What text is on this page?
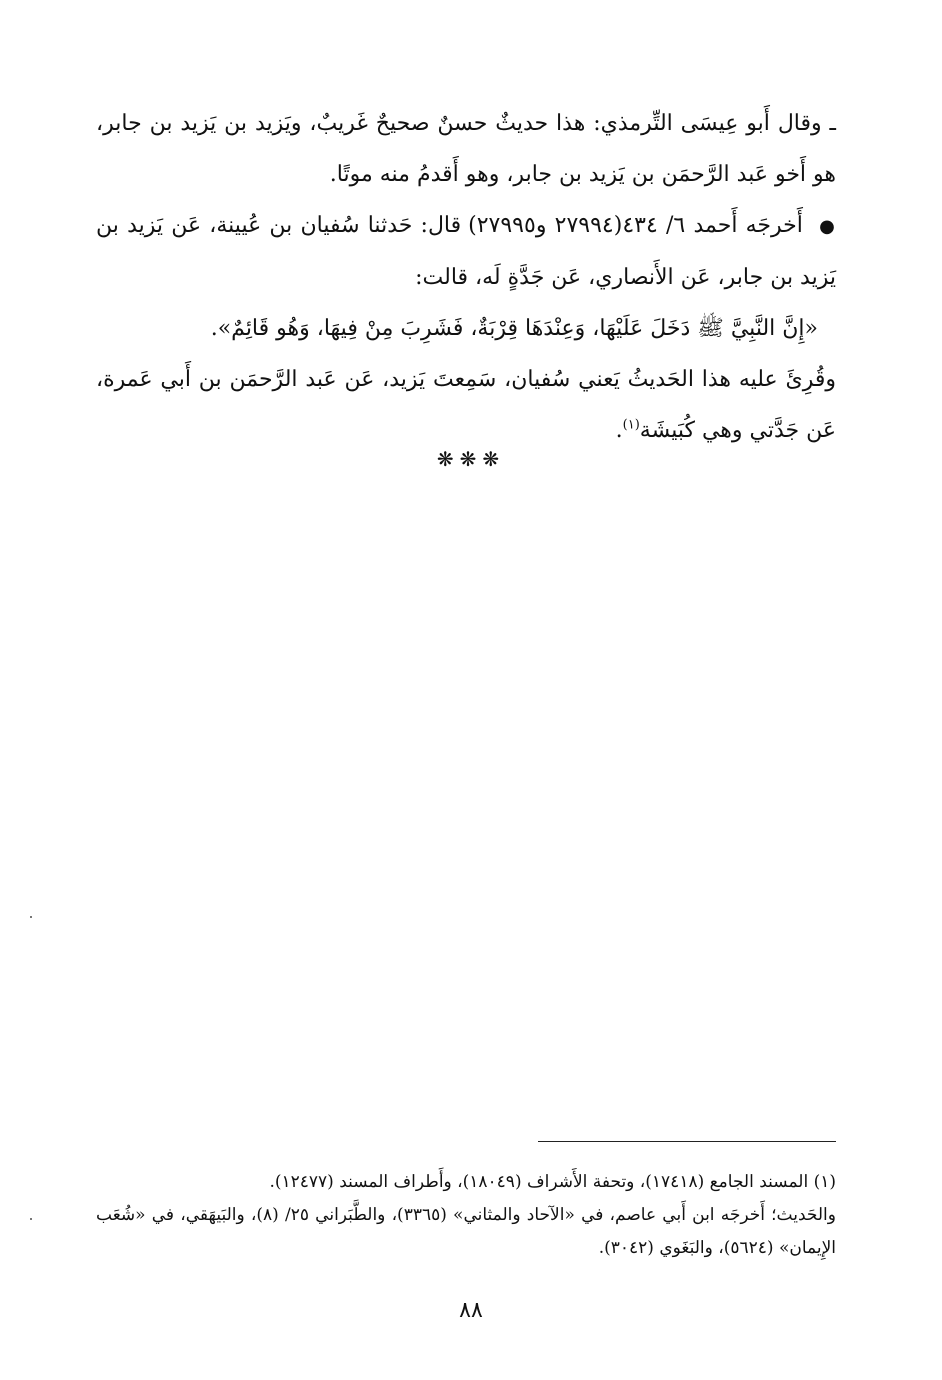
ـ وقال أَبو عِيسَى التِّرمذي: هذا حديثٌ حسنٌ صحيحٌ غَريبٌ، ويَزيد بن يَزيد بن جابر، هو أَخو عَبد الرَّحمَن بن يَزيد بن جابر، وهو أَقدمُ منه موتًا.

● أَخرجَه أَحمد ٦/ ٤٣٤(٢٧٩٩٤ و٢٧٩٩٥) قال: حَدثنا سُفيان بن عُيينة، عَن يَزيد بن يَزيد بن جابر، عَن الأَنصاري، عَن جَدَّةٍ لَه، قالت:

«إِنَّ النَّبِيَّ ﷺ دَخَلَ عَلَيْهَا، وَعِنْدَهَا قِرْبَةٌ، فَشَرِبَ مِنْ فِيهَا، وَهُو قَائِمٌ».

وقُرِئَ عليه هذا الحَديثُ يَعني سُفيان، سَمِعتَ يَزيد، عَن عَبد الرَّحمَن بن أَبي عَمرة، عَن جَدَّتي وهي كُبَيشَة$^{(١)}$.

❋❋❋

(١) المسند الجامع (١٧٤١٨)، وتحفة الأَشراف (١٨٠٤٩)، وأَطراف المسند (١٢٤٧٧).

والحَديث؛ أَخرجَه ابن أَبي عاصم، في «الآحاد والمثاني» (٣٣٦٥)، والطَّبَراني ٢٥/ (٨)، والبَيهَقي، في «شُعَب الإِيمان» (٥٦٢٤)، والبَغَوي (٣٠٤٢).

٨٨
